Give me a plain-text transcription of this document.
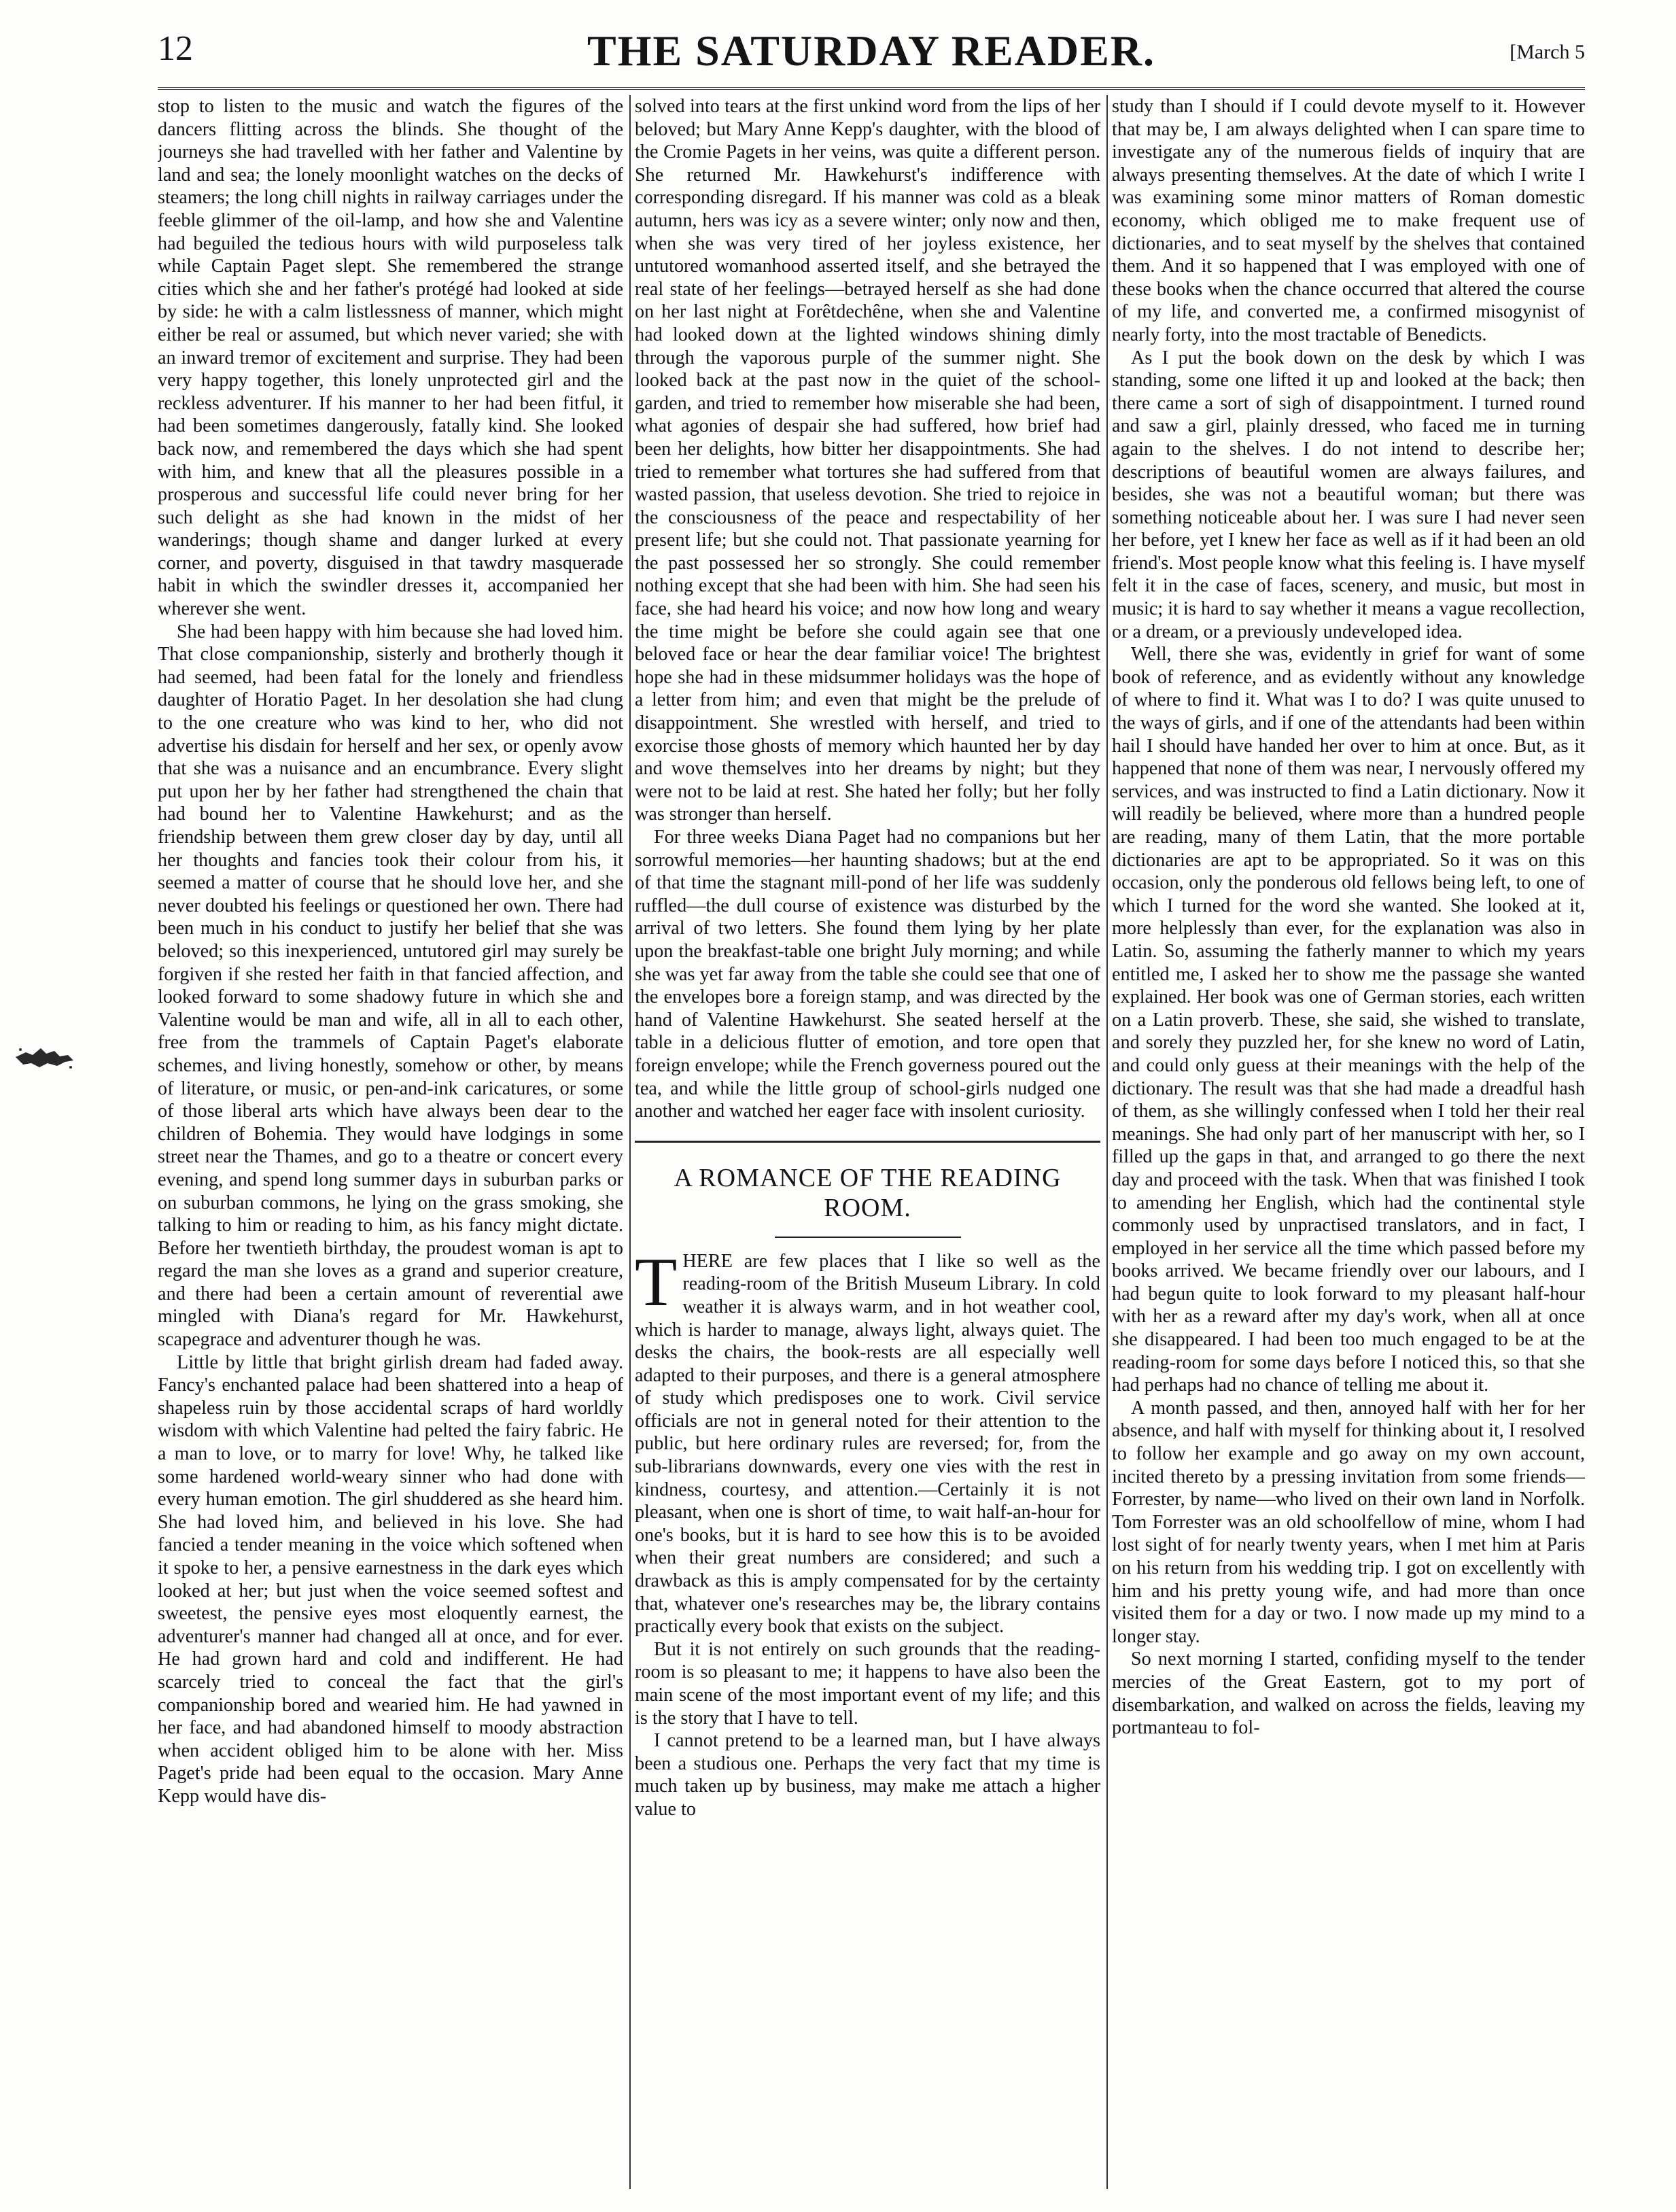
12	THE SATURDAY READER.	[March 5

stop to listen to the music and watch the figures of the dancers flitting across the blinds. She thought of the journeys she had travelled with her father and Valentine by land and sea; the lonely moonlight watches on the decks of steamers; the long chill nights in railway carriages under the feeble glimmer of the oil-lamp, and how she and Valentine had beguiled the tedious hours with wild purposeless talk while Captain Paget slept. She remembered the strange cities which she and her father's protégé had looked at side by side: he with a calm listlessness of manner, which might either be real or assumed, but which never varied; she with an inward tremor of excitement and surprise. They had been very happy together, this lonely unprotected girl and the reckless adventurer. If his manner to her had been fitful, it had been sometimes dangerously, fatally kind. She looked back now, and remembered the days which she had spent with him, and knew that all the pleasures possible in a prosperous and successful life could never bring for her such delight as she had known in the midst of her wanderings; though shame and danger lurked at every corner, and poverty, disguised in that tawdry masquerade habit in which the swindler dresses it, accompanied her wherever she went.

She had been happy with him because she had loved him. That close companionship, sisterly and brotherly though it had seemed, had been fatal for the lonely and friendless daughter of Horatio Paget. In her desolation she had clung to the one creature who was kind to her, who did not advertise his disdain for herself and her sex, or openly avow that she was a nuisance and an encumbrance. Every slight put upon her by her father had strengthened the chain that had bound her to Valentine Hawkehurst; and as the friendship between them grew closer day by day, until all her thoughts and fancies took their colour from his, it seemed a matter of course that he should love her, and she never doubted his feelings or questioned her own. There had been much in his conduct to justify her belief that she was beloved; so this inexperienced, untutored girl may surely be forgiven if she rested her faith in that fancied affection, and looked forward to some shadowy future in which she and Valentine would be man and wife, all in all to each other, free from the trammels of Captain Paget's elaborate schemes, and living honestly, somehow or other, by means of literature, or music, or pen-and-ink caricatures, or some of those liberal arts which have always been dear to the children of Bohemia. They would have lodgings in some street near the Thames, and go to a theatre or concert every evening, and spend long summer days in suburban parks or on suburban commons, he lying on the grass smoking, she talking to him or reading to him, as his fancy might dictate. Before her twentieth birthday, the proudest woman is apt to regard the man she loves as a grand and superior creature, and there had been a certain amount of reverential awe mingled with Diana's regard for Mr. Hawkehurst, scapegrace and adventurer though he was.

Little by little that bright girlish dream had faded away. Fancy's enchanted palace had been shattered into a heap of shapeless ruin by those accidental scraps of hard worldly wisdom with which Valentine had pelted the fairy fabric. He a man to love, or to marry for love! Why, he talked like some hardened world-weary sinner who had done with every human emotion. The girl shuddered as she heard him. She had loved him, and believed in his love. She had fancied a tender meaning in the voice which softened when it spoke to her, a pensive earnestness in the dark eyes which looked at her; but just when the voice seemed softest and sweetest, the pensive eyes most eloquently earnest, the adventurer's manner had changed all at once, and for ever. He had grown hard and cold and indifferent. He had scarcely tried to conceal the fact that the girl's companionship bored and wearied him. He had yawned in her face, and had abandoned himself to moody abstraction when accident obliged him to be alone with her. Miss Paget's pride had been equal to the occasion. Mary Anne Kepp would have dis-

solved into tears at the first unkind word from the lips of her beloved; but Mary Anne Kepp's daughter, with the blood of the Cromie Pagets in her veins, was quite a different person. She returned Mr. Hawkehurst's indifference with corresponding disregard. If his manner was cold as a bleak autumn, hers was icy as a severe winter; only now and then, when she was very tired of her joyless existence, her untutored womanhood asserted itself, and she betrayed the real state of her feelings—betrayed herself as she had done on her last night at Forêtdechêne, when she and Valentine had looked down at the lighted windows shining dimly through the vaporous purple of the summer night. She looked back at the past now in the quiet of the school-garden, and tried to remember how miserable she had been, what agonies of despair she had suffered, how brief had been her delights, how bitter her disappointments. She had tried to remember what tortures she had suffered from that wasted passion, that useless devotion. She tried to rejoice in the consciousness of the peace and respectability of her present life; but she could not. That passionate yearning for the past possessed her so strongly. She could remember nothing except that she had been with him. She had seen his face, she had heard his voice; and now how long and weary the time might be before she could again see that one beloved face or hear the dear familiar voice! The brightest hope she had in these midsummer holidays was the hope of a letter from him; and even that might be the prelude of disappointment. She wrestled with herself, and tried to exorcise those ghosts of memory which haunted her by day and wove themselves into her dreams by night; but they were not to be laid at rest. She hated her folly; but her folly was stronger than herself.

For three weeks Diana Paget had no companions but her sorrowful memories—her haunting shadows; but at the end of that time the stagnant mill-pond of her life was suddenly ruffled—the dull course of existence was disturbed by the arrival of two letters. She found them lying by her plate upon the breakfast-table one bright July morning; and while she was yet far away from the table she could see that one of the envelopes bore a foreign stamp, and was directed by the hand of Valentine Hawkehurst. She seated herself at the table in a delicious flutter of emotion, and tore open that foreign envelope; while the French governess poured out the tea, and while the little group of school-girls nudged one another and watched her eager face with insolent curiosity.

A ROMANCE OF THE READING ROOM.

THERE are few places that I like so well as the reading-room of the British Museum Library. In cold weather it is always warm, and in hot weather cool, which is harder to manage, always light, always quiet. The desks the chairs, the book-rests are all especially well adapted to their purposes, and there is a general atmosphere of study which predisposes one to work. Civil service officials are not in general noted for their attention to the public, but here ordinary rules are reversed; for, from the sub-librarians downwards, every one vies with the rest in kindness, courtesy, and attention.—Certainly it is not pleasant, when one is short of time, to wait half-an-hour for one's books, but it is hard to see how this is to be avoided when their great numbers are considered; and such a drawback as this is amply compensated for by the certainty that, whatever one's researches may be, the library contains practically every book that exists on the subject.

But it is not entirely on such grounds that the reading-room is so pleasant to me; it happens to have also been the main scene of the most important event of my life; and this is the story that I have to tell.

I cannot pretend to be a learned man, but I have always been a studious one. Perhaps the very fact that my time is much taken up by business, may make me attach a higher value to

study than I should if I could devote myself to it. However that may be, I am always delighted when I can spare time to investigate any of the numerous fields of inquiry that are always presenting themselves. At the date of which I write I was examining some minor matters of Roman domestic economy, which obliged me to make frequent use of dictionaries, and to seat myself by the shelves that contained them. And it so happened that I was employed with one of these books when the chance occurred that altered the course of my life, and converted me, a confirmed misogynist of nearly forty, into the most tractable of Benedicts.

As I put the book down on the desk by which I was standing, some one lifted it up and looked at the back; then there came a sort of sigh of disappointment. I turned round and saw a girl, plainly dressed, who faced me in turning again to the shelves. I do not intend to describe her; descriptions of beautiful women are always failures, and besides, she was not a beautiful woman; but there was something noticeable about her. I was sure I had never seen her before, yet I knew her face as well as if it had been an old friend's. Most people know what this feeling is. I have myself felt it in the case of faces, scenery, and music, but most in music; it is hard to say whether it means a vague recollection, or a dream, or a previously undeveloped idea.

Well, there she was, evidently in grief for want of some book of reference, and as evidently without any knowledge of where to find it. What was I to do? I was quite unused to the ways of girls, and if one of the attendants had been within hail I should have handed her over to him at once. But, as it happened that none of them was near, I nervously offered my services, and was instructed to find a Latin dictionary. Now it will readily be believed, where more than a hundred people are reading, many of them Latin, that the more portable dictionaries are apt to be appropriated. So it was on this occasion, only the ponderous old fellows being left, to one of which I turned for the word she wanted. She looked at it, more helplessly than ever, for the explanation was also in Latin. So, assuming the fatherly manner to which my years entitled me, I asked her to show me the passage she wanted explained. Her book was one of German stories, each written on a Latin proverb. These, she said, she wished to translate, and sorely they puzzled her, for she knew no word of Latin, and could only guess at their meanings with the help of the dictionary. The result was that she had made a dreadful hash of them, as she willingly confessed when I told her their real meanings. She had only part of her manuscript with her, so I filled up the gaps in that, and arranged to go there the next day and proceed with the task. When that was finished I took to amending her English, which had the continental style commonly used by unpractised translators, and in fact, I employed in her service all the time which passed before my books arrived. We became friendly over our labours, and I had begun quite to look forward to my pleasant half-hour with her as a reward after my day's work, when all at once she disappeared. I had been too much engaged to be at the reading-room for some days before I noticed this, so that she had perhaps had no chance of telling me about it.

A month passed, and then, annoyed half with her for her absence, and half with myself for thinking about it, I resolved to follow her example and go away on my own account, incited thereto by a pressing invitation from some friends—Forrester, by name—who lived on their own land in Norfolk. Tom Forrester was an old schoolfellow of mine, whom I had lost sight of for nearly twenty years, when I met him at Paris on his return from his wedding trip. I got on excellently with him and his pretty young wife, and had more than once visited them for a day or two. I now made up my mind to a longer stay.

So next morning I started, confiding myself to the tender mercies of the Great Eastern, got to my port of disembarkation, and walked on across the fields, leaving my portmanteau to fol-
